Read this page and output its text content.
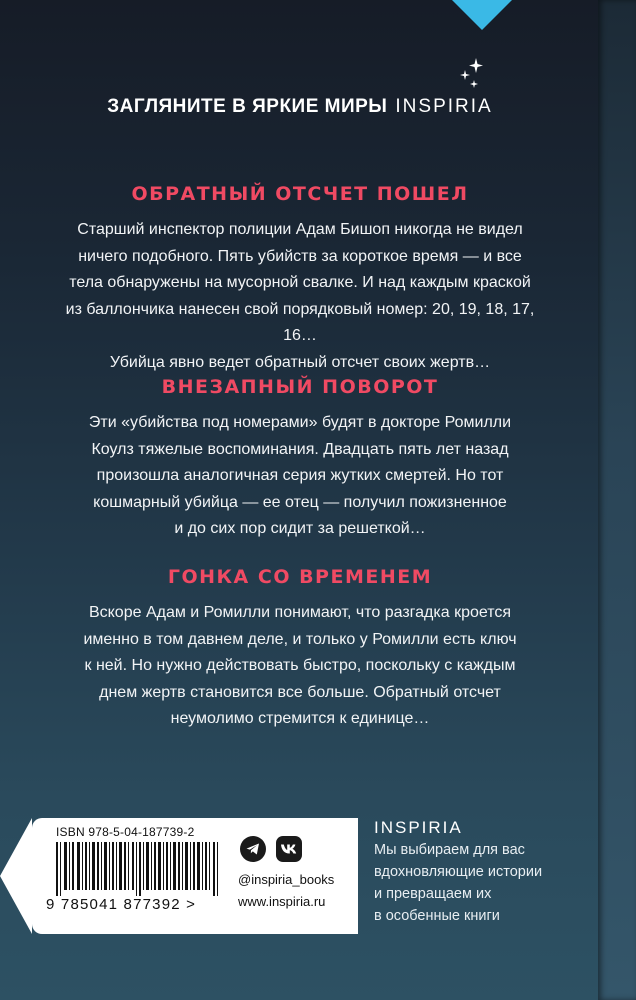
ЗАГЛЯНИТЕ В ЯРКИЕ МИРЫ INSPIRIA
ОБРАТНЫЙ ОТСЧЕТ ПОШЕЛ

Старший инспектор полиции Адам Бишоп никогда не видел
ничего подобного. Пять убийств за короткое время — и все
тела обнаружены на мусорной свалке. И над каждым краской
из баллончика нанесен свой порядковый номер: 20, 19, 18, 17, 16…
Убийца явно ведет обратный отсчет своих жертв…

ВНЕЗАПНЫЙ ПОВОРОТ

Эти «убийства под номерами» будят в докторе Ромилли
Коулз тяжелые воспоминания. Двадцать пять лет назад
произошла аналогичная серия жутких смертей. Но тот
кошмарный убийца — ее отец — получил пожизненное
и до сих пор сидит за решеткой…

ГОНКА СО ВРЕМЕНЕМ

Вскоре Адам и Ромилли понимают, что разгадка кроется
именно в том давнем деле, и только у Ромилли есть ключ
к ней. Но нужно действовать быстро, поскольку с каждым
днем жертв становится все больше. Обратный отсчет
неумолимо стремится к единице…

ISBN 978-5-04-187739-2
9 785041 877392 >
@inspiria_books
www.inspiria.ru
INSPIRIA
Мы выбираем для вас
вдохновляющие истории
и превращаем их
в особенные книги
